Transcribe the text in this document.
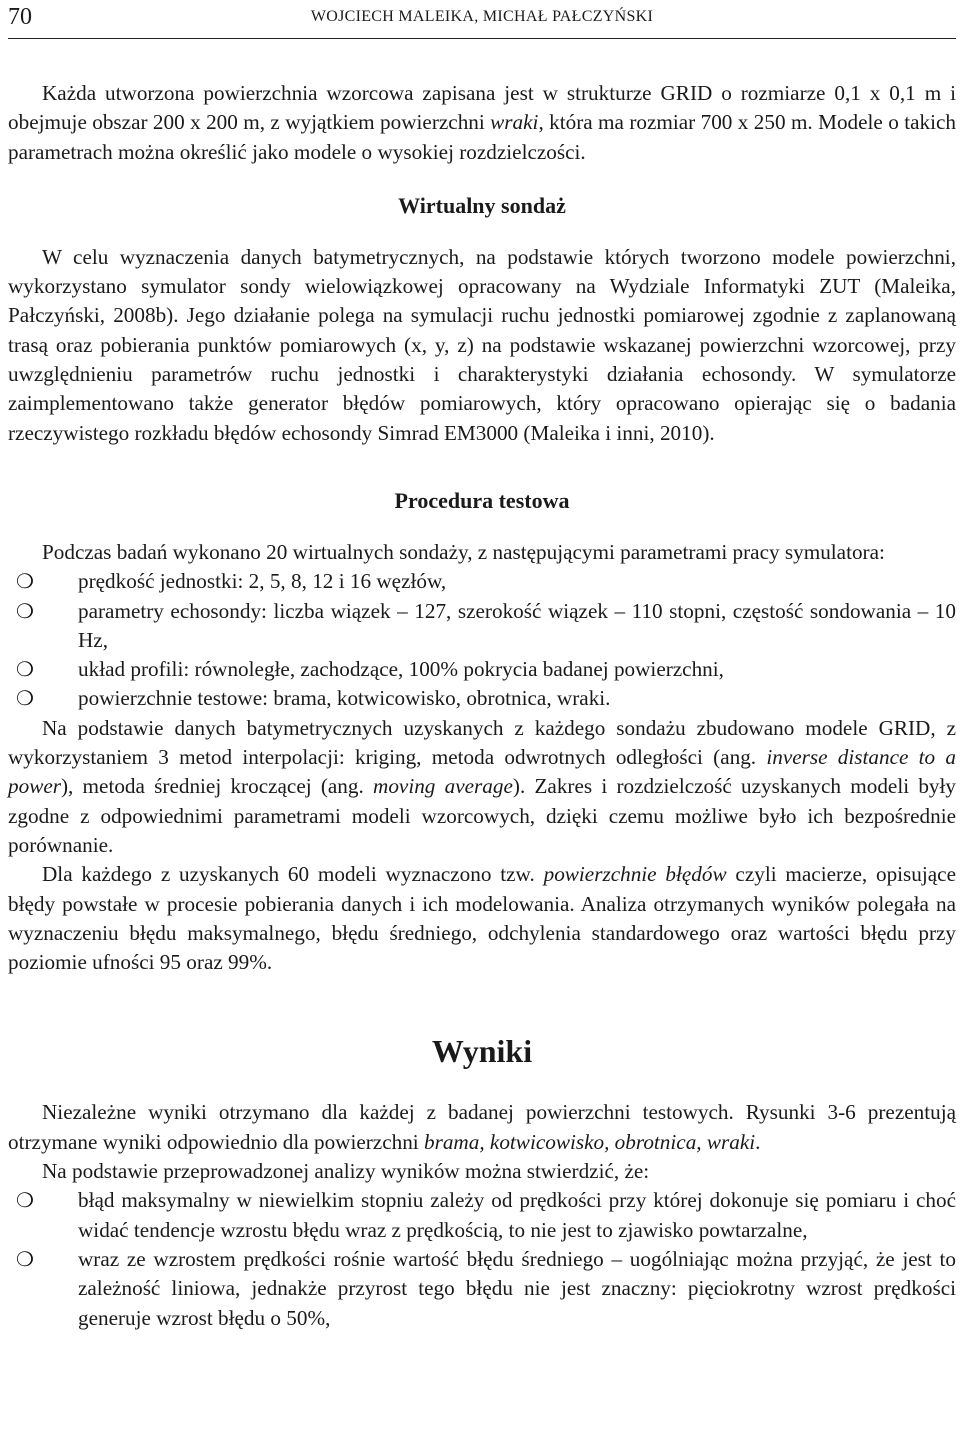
70	WOJCIECH MALEIKA, MICHAŁ PAŁCZYŃSKI

Każda utworzona powierzchnia wzorcowa zapisana jest w strukturze GRID o rozmiarze 0,1 x 0,1 m i obejmuje obszar 200 x 200 m, z wyjątkiem powierzchni wraki, która ma rozmiar 700 x 250 m. Modele o takich parametrach można określić jako modele o wysokiej rozdzielczości.

Wirtualny sondaż

W celu wyznaczenia danych batymetrycznych, na podstawie których tworzono modele powierzchni, wykorzystano symulator sondy wielowiązkowej opracowany na Wydziale Informatyki ZUT (Maleika, Pałczyński, 2008b). Jego działanie polega na symulacji ruchu jednostki pomiarowej zgodnie z zaplanowaną trasą oraz pobierania punktów pomiarowych (x, y, z) na podstawie wskazanej powierzchni wzorcowej, przy uwzględnieniu parametrów ruchu jednostki i charakterystyki działania echosondy. W symulatorze zaimplementowano także generator błędów pomiarowych, który opracowano opierając się o badania rzeczywistego rozkładu błędów echosondy Simrad EM3000 (Maleika i inni, 2010).

Procedura testowa

Podczas badań wykonano 20 wirtualnych sondaży, z następującymi parametrami pracy symulatora:

❍ prędkość jednostki: 2, 5, 8, 12 i 16 węzłów,
❍ parametry echosondy: liczba wiązek – 127, szerokość wiązek – 110 stopni, częstość sondowania – 10 Hz,
❍ układ profili: równoległe, zachodzące, 100% pokrycia badanej powierzchni,
❍ powierzchnie testowe: brama, kotwicowisko, obrotnica, wraki.

Na podstawie danych batymetrycznych uzyskanych z każdego sondażu zbudowano modele GRID, z wykorzystaniem 3 metod interpolacji: kriging, metoda odwrotnych odległości (ang. inverse distance to a power), metoda średniej kroczącej (ang. moving average). Zakres i rozdzielczość uzyskanych modeli były zgodne z odpowiednimi parametrami modeli wzorcowych, dzięki czemu możliwe było ich bezpośrednie porównanie.

Dla każdego z uzyskanych 60 modeli wyznaczono tzw. powierzchnie błędów czyli macierze, opisujące błędy powstałe w procesie pobierania danych i ich modelowania. Analiza otrzymanych wyników polegała na wyznaczeniu błędu maksymalnego, błędu średniego, odchylenia standardowego oraz wartości błędu przy poziomie ufności 95 oraz 99%.

Wyniki

Niezależne wyniki otrzymano dla każdej z badanej powierzchni testowych. Rysunki 3-6 prezentują otrzymane wyniki odpowiednio dla powierzchni brama, kotwicowisko, obrotnica, wraki.

Na podstawie przeprowadzonej analizy wyników można stwierdzić, że:

❍ błąd maksymalny w niewielkim stopniu zależy od prędkości przy której dokonuje się pomiaru i choć widać tendencje wzrostu błędu wraz z prędkością, to nie jest to zjawisko powtarzalne,
❍ wraz ze wzrostem prędkości rośnie wartość błędu średniego – uogólniając można przyjąć, że jest to zależność liniowa, jednakże przyrost tego błędu nie jest znaczny: pięciokrotny wzrost prędkości generuje wzrost błędu o 50%,
